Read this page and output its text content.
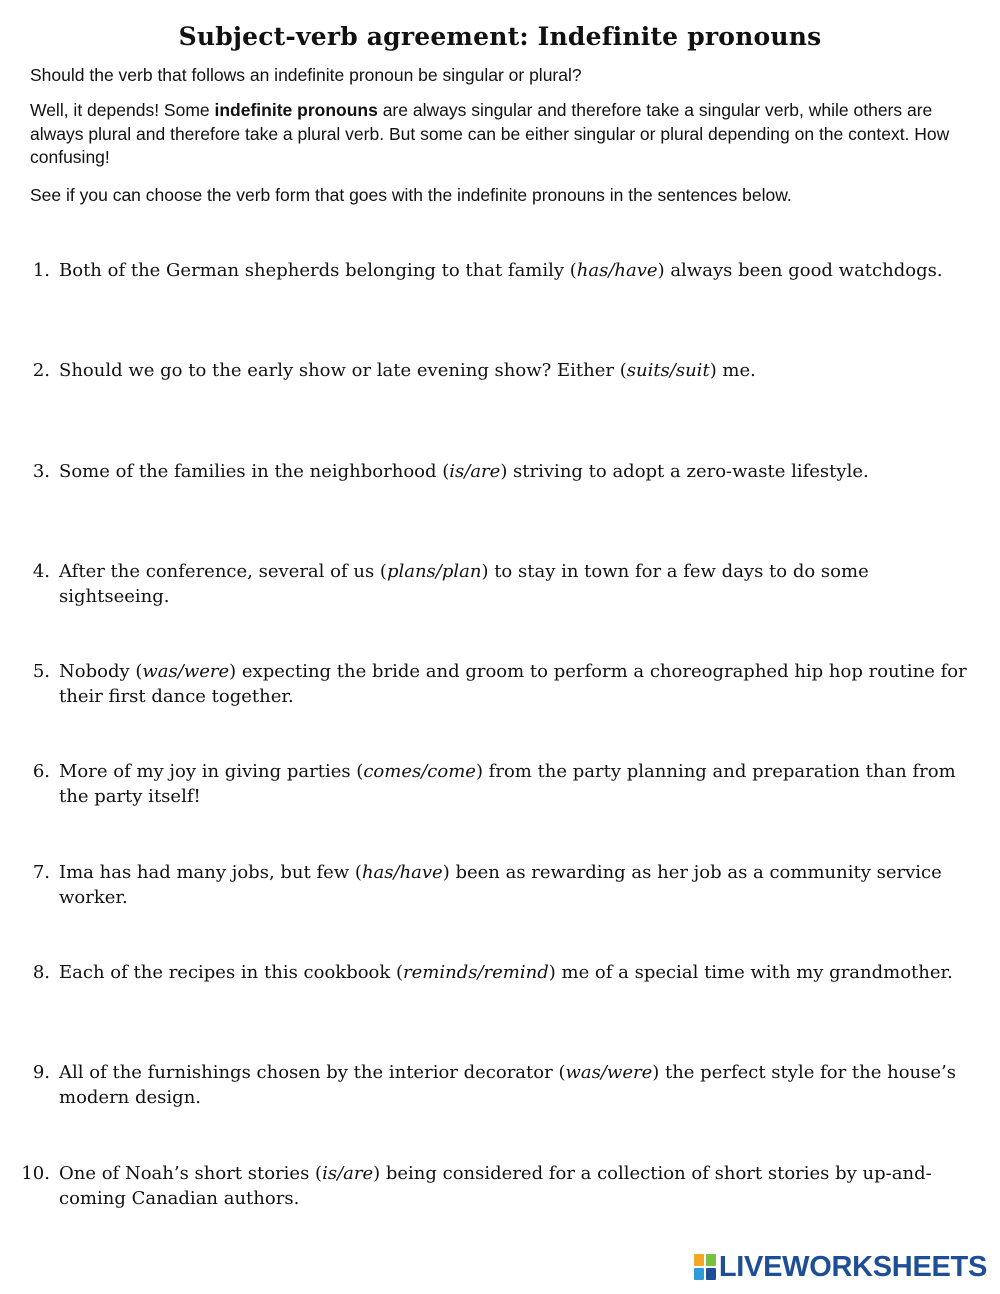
Subject-verb agreement: Indefinite pronouns

Should the verb that follows an indefinite pronoun be singular or plural?

Well, it depends! Some indefinite pronouns are always singular and therefore take a singular verb, while others are always plural and therefore take a plural verb. But some can be either singular or plural depending on the context. How confusing!

See if you can choose the verb form that goes with the indefinite pronouns in the sentences below.

1. Both of the German shepherds belonging to that family (has/have) always been good watchdogs.
2. Should we go to the early show or late evening show? Either (suits/suit) me.
3. Some of the families in the neighborhood (is/are) striving to adopt a zero-waste lifestyle.
4. After the conference, several of us (plans/plan) to stay in town for a few days to do some sightseeing.
5. Nobody (was/were) expecting the bride and groom to perform a choreographed hip hop routine for their first dance together.
6. More of my joy in giving parties (comes/come) from the party planning and preparation than from the party itself!
7. Ima has had many jobs, but few (has/have) been as rewarding as her job as a community service worker.
8. Each of the recipes in this cookbook (reminds/remind) me of a special time with my grandmother.
9. All of the furnishings chosen by the interior decorator (was/were) the perfect style for the house’s modern design.
10. One of Noah’s short stories (is/are) being considered for a collection of short stories by up-and-coming Canadian authors.
LIVEWORKSHEETS
